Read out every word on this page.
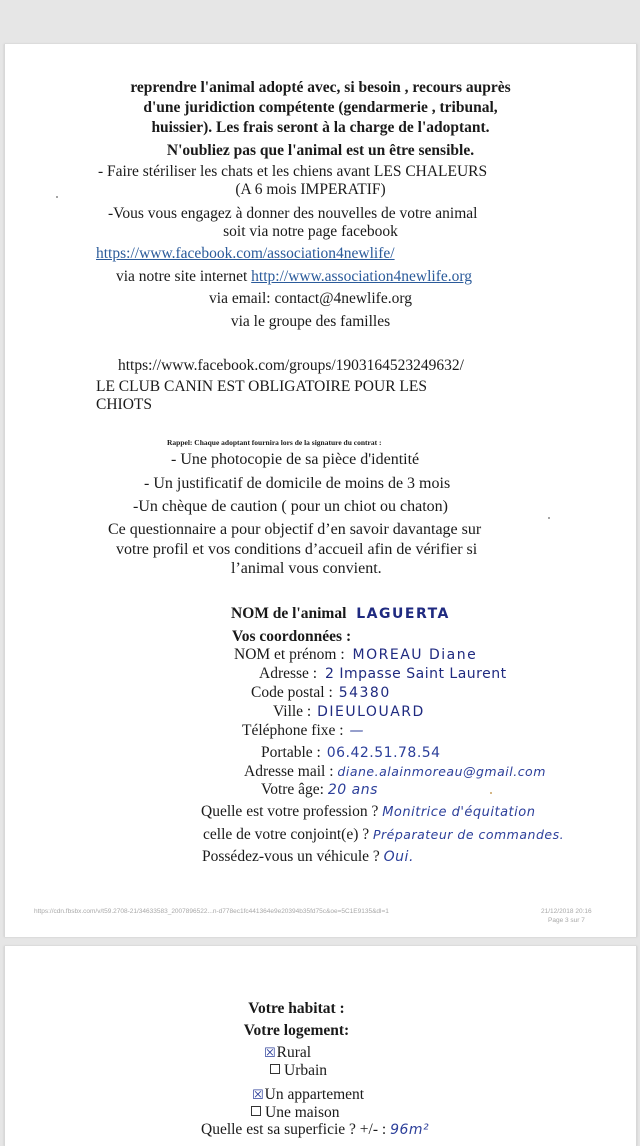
reprendre l'animal adopté avec, si besoin , recours auprès
d'une juridiction compétente (gendarmerie , tribunal,
huissier). Les frais seront à la charge de l'adoptant.
N'oubliez pas que l'animal est un être sensible.
- Faire stériliser les chats et les chiens avant LES CHALEURS
(A 6 mois IMPERATIF)
-Vous vous engagez à donner des nouvelles de votre animal
soit via notre page facebook
https://www.facebook.com/association4newlife/
via notre site internet http://www.association4newlife.org
via email: contact@4newlife.org
via le groupe des familles
https://www.facebook.com/groups/1903164523249632/
LE CLUB CANIN EST OBLIGATOIRE POUR LES
CHIOTS
Rappel: Chaque adoptant fournira lors de la signature du contrat :
- Une photocopie de sa pièce d'identité
- Un justificatif de domicile de moins de 3 mois
-Un chèque de caution ( pour un chiot ou chaton)
Ce questionnaire a pour objectif d’en savoir davantage sur
votre profil et vos conditions d’accueil afin de vérifier si
l’animal vous convient.
NOM de l'animal LAGUERTA
Vos coordonnées :
NOM et prénom : MOREAU Diane
Adresse : 2 Impasse Saint Laurent
Code postal : 54380
Ville : DIEULOUARD
Téléphone fixe : —
Portable : 06.42.51.78.54
Adresse mail : diane.alainmoreau@gmail.com
Votre âge: 20 ans
Quelle est votre profession ? Monitrice d'équitation
celle de votre conjoint(e) ? Préparateur de commandes.
Possédez-vous un véhicule ? Oui.
https://cdn.fbsbx.com/v/t59.2708-21/34633583_2007896522...n-d778ec1fc441364e9e20394b35fd75c&oe=5C1E9135&dl=1	21/12/2018 20:16
Page 3 sur 7
Votre habitat :
Votre logement:
☒Rural
Urbain
☒Un appartement
Une maison
Quelle est sa superficie ? +/- : 96m²
